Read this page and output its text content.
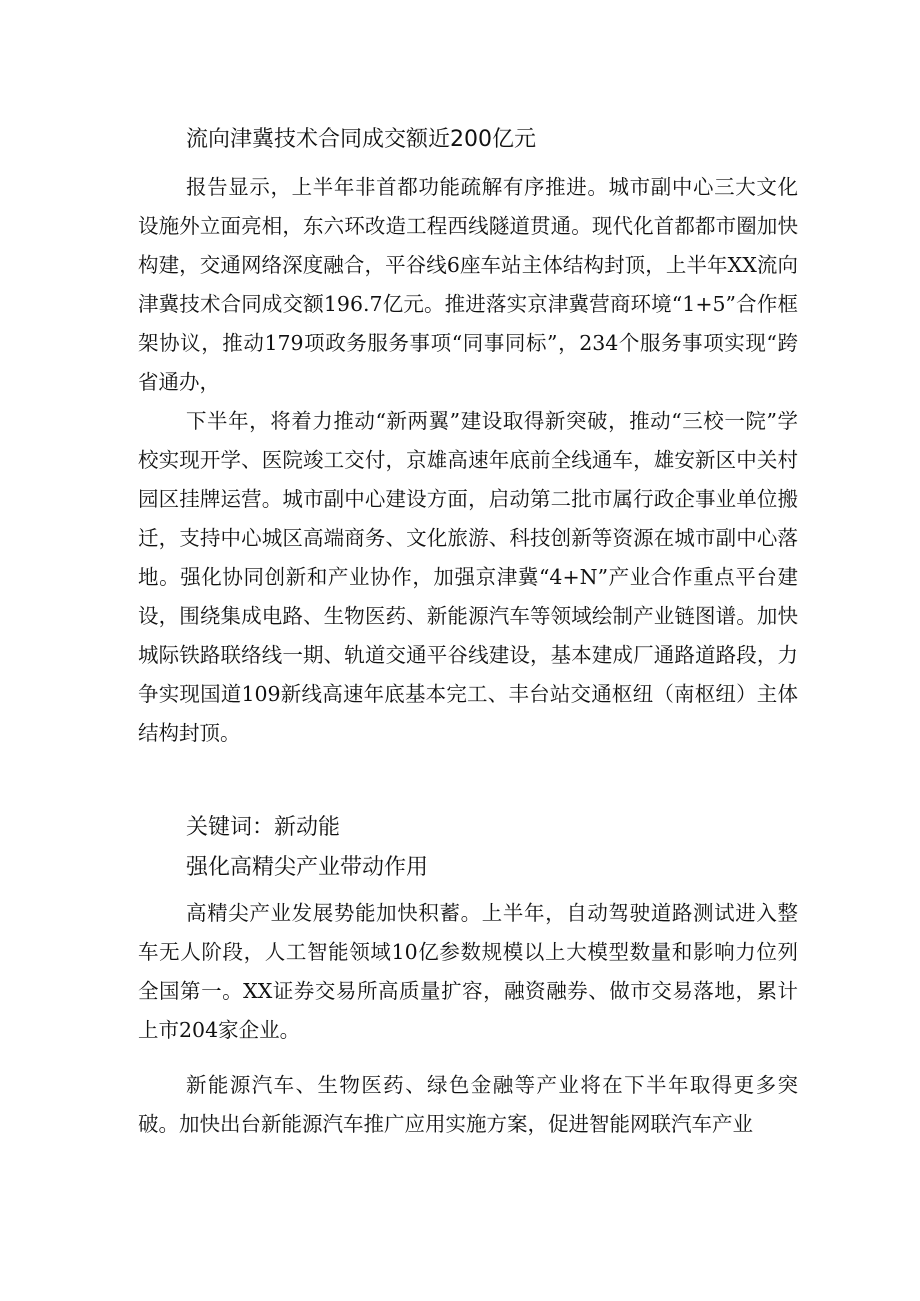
流向津冀技术合同成交额近200亿元
报告显示，上半年非首都功能疏解有序推进。城市副中心三大文化设施外立面亮相，东六环改造工程西线隧道贯通。现代化首都都市圈加快构建，交通网络深度融合，平谷线6座车站主体结构封顶，上半年XX流向津冀技术合同成交额196.7亿元。推进落实京津冀营商环境“1+5”合作框架协议，推动179项政务服务事项“同事同标”，234个服务事项实现“跨省通办，
下半年，将着力推动“新两翼”建设取得新突破，推动“三校一院”学校实现开学、医院竣工交付，京雄高速年底前全线通车，雄安新区中关村园区挂牌运营。城市副中心建设方面，启动第二批市属行政企事业单位搬迁，支持中心城区高端商务、文化旅游、科技创新等资源在城市副中心落地。强化协同创新和产业协作，加强京津冀“4+N”产业合作重点平台建设，围绕集成电路、生物医药、新能源汽车等领域绘制产业链图谱。加快城际铁路联络线一期、轨道交通平谷线建设，基本建成厂通路道路段，力争实现国道109新线高速年底基本完工、丰台站交通枢纽（南枢纽）主体结构封顶。
关键词：新动能
强化高精尖产业带动作用
高精尖产业发展势能加快积蓄。上半年，自动驾驶道路测试进入整车无人阶段，人工智能领域10亿参数规模以上大模型数量和影响力位列全国第一。XX证券交易所高质量扩容，融资融券、做市交易落地，累计上市204家企业。
新能源汽车、生物医药、绿色金融等产业将在下半年取得更多突破。加快出台新能源汽车推广应用实施方案，促进智能网联汽车产业
